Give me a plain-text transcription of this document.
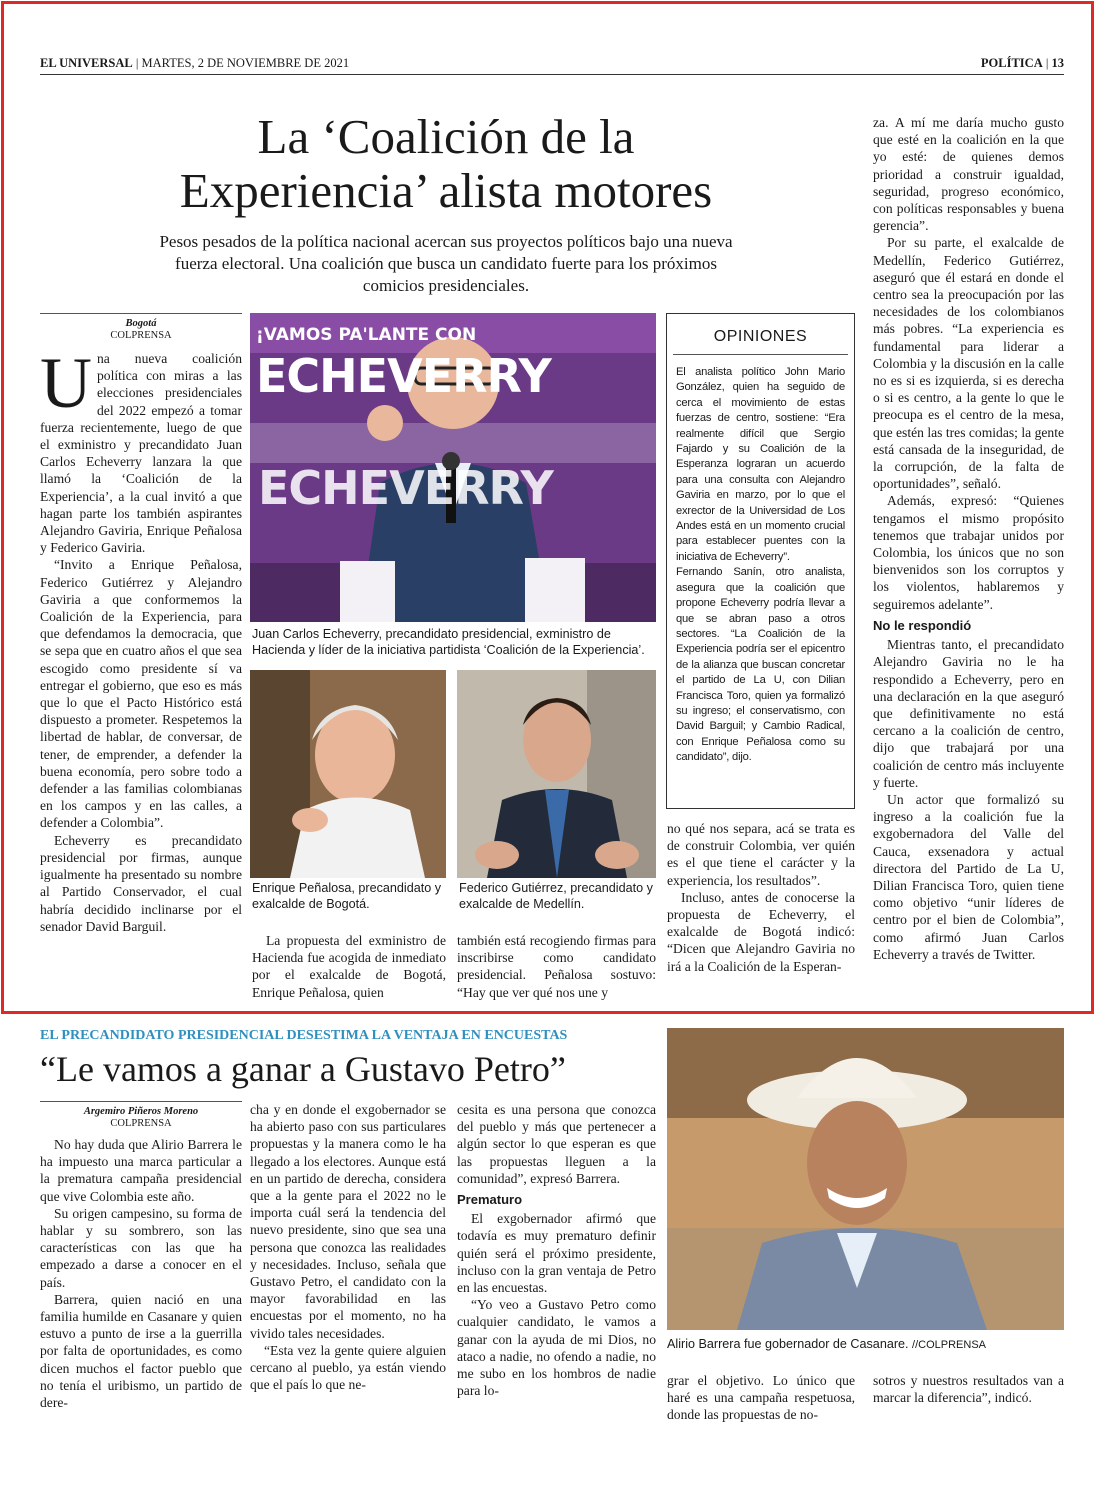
EL UNIVERSAL | MARTES, 2 DE NOVIEMBRE DE 2021	POLÍTICA | 13
La ‘Coalición de la
Experiencia’ alista motores
Pesos pesados de la política nacional acercan sus proyectos políticos bajo una nueva
fuerza electoral. Una coalición que busca un candidato fuerte para los próximos
comicios presidenciales.
Bogotá
COLPRENSA

Una nueva coalición política con miras a las elecciones presidenciales del 2022 empezó a tomar fuerza recientemente, luego de que el exministro y precandidato Juan Carlos Echeverry lanzara la que llamó la ‘Coalición de la Experiencia’, a la cual invitó a que hagan parte los también aspirantes Alejandro Gaviria, Enrique Peñalosa y Federico Gaviria.

“Invito a Enrique Peñalosa, Federico Gutiérrez y Alejandro Gaviria a que conformemos la Coalición de la Experiencia, para que defendamos la democracia, que se sepa que en cuatro años el que sea escogido como presidente sí va entregar el gobierno, que eso es más que lo que el Pacto Histórico está dispuesto a prometer. Respetemos la libertad de hablar, de conversar, de tener, de emprender, a defender la buena economía, pero sobre todo a defender a las familias colombianas en los campos y en las calles, a defender a Colombia”.

Echeverry es precandidato presidencial por firmas, aunque igualmente ha presentado su nombre al Partido Conservador, el cual habría decidido inclinarse por el senador David Barguil.

¡VAMOS PA'LANTE CON
ECHEVERRY
ECHEVERRY
Juan Carlos Echeverry, precandidato presidencial, exministro de Hacienda y líder de la iniciativa partidista ‘Coalición de la Experiencia’.
Enrique Peñalosa, precandidato y exalcalde de Bogotá.
Federico Gutiérrez, precandidato y exalcalde de Medellín.

La propuesta del exministro de Hacienda fue acogida de inmediato por el exalcalde de Bogotá, Enrique Peñalosa, quien

también está recogiendo firmas para inscribirse como candidato presidencial. Peñalosa sostuvo: “Hay que ver qué nos une y

OPINIONES

El analista político John Mario González, quien ha seguido de cerca el movimiento de estas fuerzas de centro, sostiene: “Era realmente difícil que Sergio Fajardo y su Coalición de la Esperanza lograran un acuerdo para una consulta con Alejandro Gaviria en marzo, por lo que el exrector de la Universidad de Los Andes está en un momento crucial para establecer puentes con la iniciativa de Echeverry”.

Fernando Sanín, otro analista, asegura que la coalición que propone Echeverry podría llevar a que se abran paso a otros sectores. “La Coalición de la Experiencia podría ser el epicentro de la alianza que buscan concretar el partido de La U, con Dilian Francisca Toro, quien ya formalizó su ingreso; el conservatismo, con David Barguil; y Cambio Radical, con Enrique Peñalosa como su candidato”, dijo.

no qué nos separa, acá se trata es de construir Colombia, ver quién es el que tiene el carácter y la experiencia, los resultados”.

Incluso, antes de conocerse la propuesta de Echeverry, el exalcalde de Bogotá indicó: “Dicen que Alejandro Gaviria no irá a la Coalición de la Esperan-

za. A mí me daría mucho gusto que esté en la coalición en la que yo esté: de quienes demos prioridad a construir igualdad, seguridad, progreso económico, con políticas responsables y buena gerencia”.

Por su parte, el exalcalde de Medellín, Federico Gutiérrez, aseguró que él estará en donde el centro sea la preocupación por las necesidades de los colombianos más pobres. “La experiencia es fundamental para liderar a Colombia y la discusión en la calle no es si es izquierda, si es derecha o si es centro, a la gente lo que le preocupa es el centro de la mesa, que estén las tres comidas; la gente está cansada de la inseguridad, de la corrupción, de la falta de oportunidades”, señaló.

Además, expresó: “Quienes tengamos el mismo propósito tenemos que trabajar unidos por Colombia, los únicos que no son bienvenidos son los corruptos y los violentos, hablaremos y seguiremos adelante”.

No le respondió

Mientras tanto, el precandidato Alejandro Gaviria no le ha respondido a Echeverry, pero en una declaración en la que aseguró que definitivamente no está cercano a la coalición de centro, dijo que trabajará por una coalición de centro más incluyente y fuerte.

Un actor que formalizó su ingreso a la coalición fue la exgobernadora del Valle del Cauca, exsenadora y actual directora del Partido de La U, Dilian Francisca Toro, quien tiene como objetivo “unir líderes de centro por el bien de Colombia”, como afirmó Juan Carlos Echeverry a través de Twitter.

EL PRECANDIDATO PRESIDENCIAL DESESTIMA LA VENTAJA EN ENCUESTAS
“Le vamos a ganar a Gustavo Petro”
Argemiro Piñeros Moreno
COLPRENSA

No hay duda que Alirio Barrera le ha impuesto una marca particular a la prematura campaña presidencial que vive Colombia este año.

Su origen campesino, su forma de hablar y su sombrero, son las características con las que ha empezado a darse a conocer en el país.

Barrera, quien nació en una familia humilde en Casanare y quien estuvo a punto de irse a la guerrilla por falta de oportunidades, es como dicen muchos el factor pueblo que no tenía el uribismo, un partido de dere-

cha y en donde el exgobernador se ha abierto paso con sus particulares propuestas y la manera como le ha llegado a los electores. Aunque está en un partido de derecha, considera que a la gente para el 2022 no le importa cuál será la tendencia del nuevo presidente, sino que sea una persona que conozca las realidades y necesidades. Incluso, señala que Gustavo Petro, el candidato con la mayor favorabilidad en las encuestas por el momento, no ha vivido tales necesidades.

“Esta vez la gente quiere alguien cercano al pueblo, ya están viendo que el país lo que ne-

cesita es una persona que conozca del pueblo y más que pertenecer a algún sector lo que esperan es que las propuestas lleguen a la comunidad”, expresó Barrera.

Prematuro

El exgobernador afirmó que todavía es muy prematuro definir quién será el próximo presidente, incluso con la gran ventaja de Petro en las encuestas.

“Yo veo a Gustavo Petro como cualquier candidato, le vamos a ganar con la ayuda de mi Dios, no ataco a nadie, no ofendo a nadie, no me subo en los hombros de nadie para lo-

Alirio Barrera fue gobernador de Casanare. //COLPRENSA

grar el objetivo. Lo único que haré es una campaña respetuosa, donde las propuestas de no-

sotros y nuestros resultados van a marcar la diferencia”, indicó.
